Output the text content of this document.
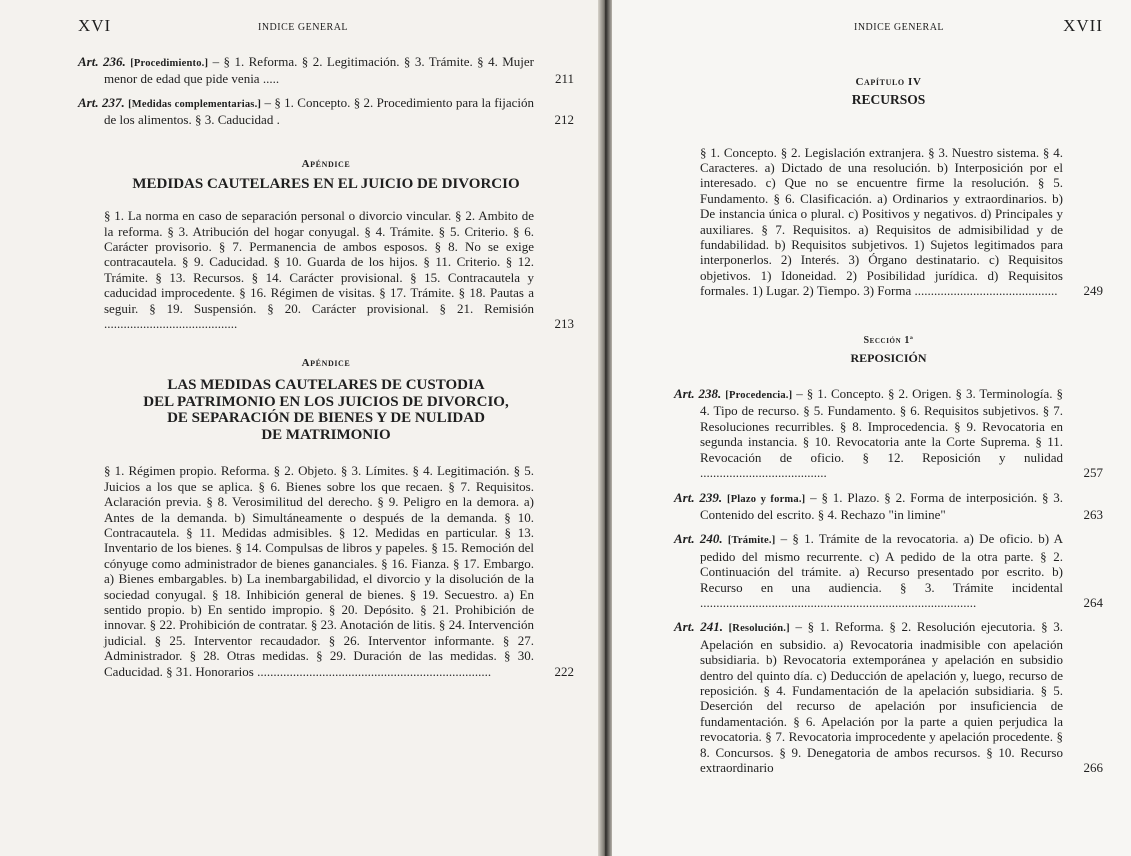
XVI	INDICE GENERAL
Art. 236. [Procedimiento.] – § 1. Reforma. § 2. Legitimación. § 3. Trámite. § 4. Mujer menor de edad que pide venia .....	211
Art. 237. [Medidas complementarias.] – § 1. Concepto. § 2. Procedimiento para la fijación de los alimentos. § 3. Caducidad .	212
Apéndice
MEDIDAS CAUTELARES EN EL JUICIO DE DIVORCIO
§ 1. La norma en caso de separación personal o divorcio vincular. § 2. Ambito de la reforma. § 3. Atribución del hogar conyugal. § 4. Trámite. § 5. Criterio. § 6. Carácter provisorio. § 7. Permanencia de ambos esposos. § 8. No se exige contracautela. § 9. Caducidad. § 10. Guarda de los hijos. § 11. Criterio. § 12. Trámite. § 13. Recursos. § 14. Carácter provisional. § 15. Contracautela y caducidad improcedente. § 16. Régimen de visitas. § 17. Trámite. § 18. Pautas a seguir. § 19. Suspensión. § 20. Carácter provisional. § 21. Remisión .........................................	213
Apéndice
LAS MEDIDAS CAUTELARES DE CUSTODIA
DEL PATRIMONIO EN LOS JUICIOS DE DIVORCIO,
DE SEPARACIÓN DE BIENES Y DE NULIDAD
DE MATRIMONIO
§ 1. Régimen propio. Reforma. § 2. Objeto. § 3. Límites. § 4. Legitimación. § 5. Juicios a los que se aplica. § 6. Bienes sobre los que recaen. § 7. Requisitos. Aclaración previa. § 8. Verosimilitud del derecho. § 9. Peligro en la demora. a) Antes de la demanda. b) Simultáneamente o después de la demanda. § 10. Contracautela. § 11. Medidas admisibles. § 12. Medidas en particular. § 13. Inventario de los bienes. § 14. Compulsas de libros y papeles. § 15. Remoción del cónyuge como administrador de bienes gananciales. § 16. Fianza. § 17. Embargo. a) Bienes embargables. b) La inembargabilidad, el divorcio y la disolución de la sociedad conyugal. § 18. Inhibición general de bienes. § 19. Secuestro. a) En sentido propio. b) En sentido impropio. § 20. Depósito. § 21. Prohibición de innovar. § 22. Prohibición de contratar. § 23. Anotación de litis. § 24. Intervención judicial. § 25. Interventor recaudador. § 26. Interventor informante. § 27. Administrador. § 28. Otras medidas. § 29. Duración de las medidas. § 30. Caducidad. § 31. Honorarios ........................................................................	222
INDICE GENERAL	XVII
Capítulo IV
RECURSOS
§ 1. Concepto. § 2. Legislación extranjera. § 3. Nuestro sistema. § 4. Caracteres. a) Dictado de una resolución. b) Interposición por el interesado. c) Que no se encuentre firme la resolución. § 5. Fundamento. § 6. Clasificación. a) Ordinarios y extraordinarios. b) De instancia única o plural. c) Positivos y negativos. d) Principales y auxiliares. § 7. Requisitos. a) Requisitos de admisibilidad y de fundabilidad. b) Requisitos subjetivos. 1) Sujetos legitimados para interponerlos. 2) Interés. 3) Órgano destinatario. c) Requisitos objetivos. 1) Idoneidad. 2) Posibilidad jurídica. d) Requisitos formales. 1) Lugar. 2) Tiempo. 3) Forma ............................................	249
Sección 1ª
REPOSICIÓN
Art. 238. [Procedencia.] – § 1. Concepto. § 2. Origen. § 3. Terminología. § 4. Tipo de recurso. § 5. Fundamento. § 6. Requisitos subjetivos. § 7. Resoluciones recurribles. § 8. Improcedencia. § 9. Revocatoria en segunda instancia. § 10. Revocatoria ante la Corte Suprema. § 11. Revocación de oficio. § 12. Reposición y nulidad .......................................	257
Art. 239. [Plazo y forma.] – § 1. Plazo. § 2. Forma de interposición. § 3. Contenido del escrito. § 4. Rechazo "in limine"	263
Art. 240. [Trámite.] – § 1. Trámite de la revocatoria. a) De oficio. b) A pedido del mismo recurrente. c) A pedido de la otra parte. § 2. Continuación del trámite. a) Recurso presentado por escrito. b) Recurso en una audiencia. § 3. Trámite incidental .....................................................................................	264
Art. 241. [Resolución.] – § 1. Reforma. § 2. Resolución ejecutoria. § 3. Apelación en subsidio. a) Revocatoria inadmisible con apelación subsidiaria. b) Revocatoria extemporánea y apelación en subsidio dentro del quinto día. c) Deducción de apelación y, luego, recurso de reposición. § 4. Fundamentación de la apelación subsidiaria. § 5. Deserción del recurso de apelación por insuficiencia de fundamentación. § 6. Apelación por la parte a quien perjudica la revocatoria. § 7. Revocatoria improcedente y apelación procedente. § 8. Concursos. § 9. Denegatoria de ambos recursos. § 10. Recurso extraordinario	266
